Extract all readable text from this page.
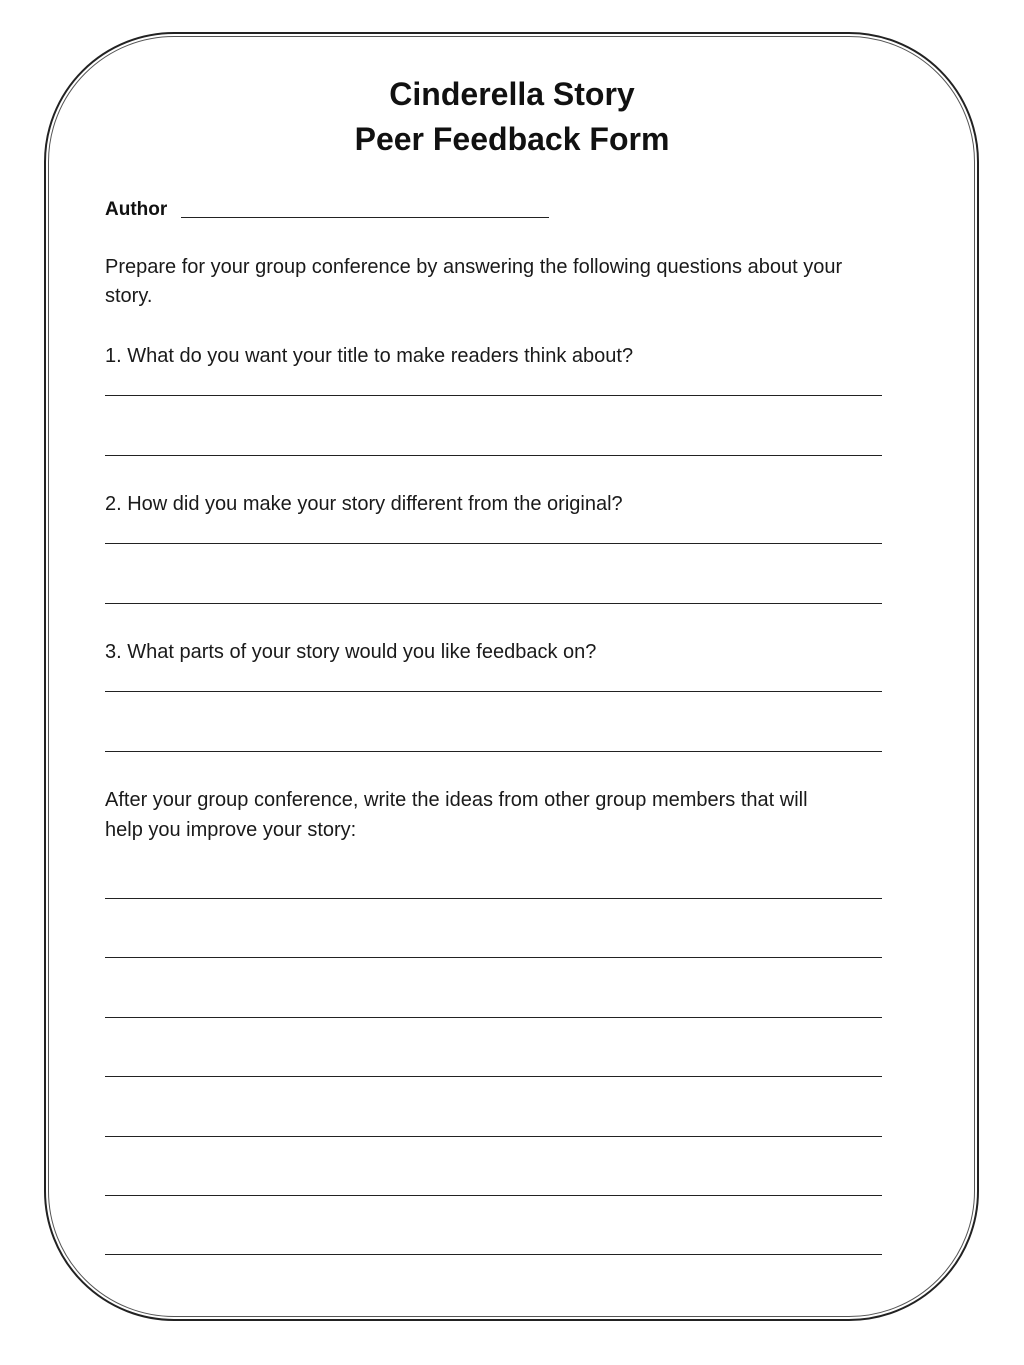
Cinderella Story
Peer Feedback Form
Author

Prepare for your group conference by answering the following questions about your

story.

1. What do you want your title to make readers think about?

2. How did you make your story different from the original?

3. What parts of your story would you like feedback on?

After your group conference, write the ideas from other group members that will

help you improve your story:
